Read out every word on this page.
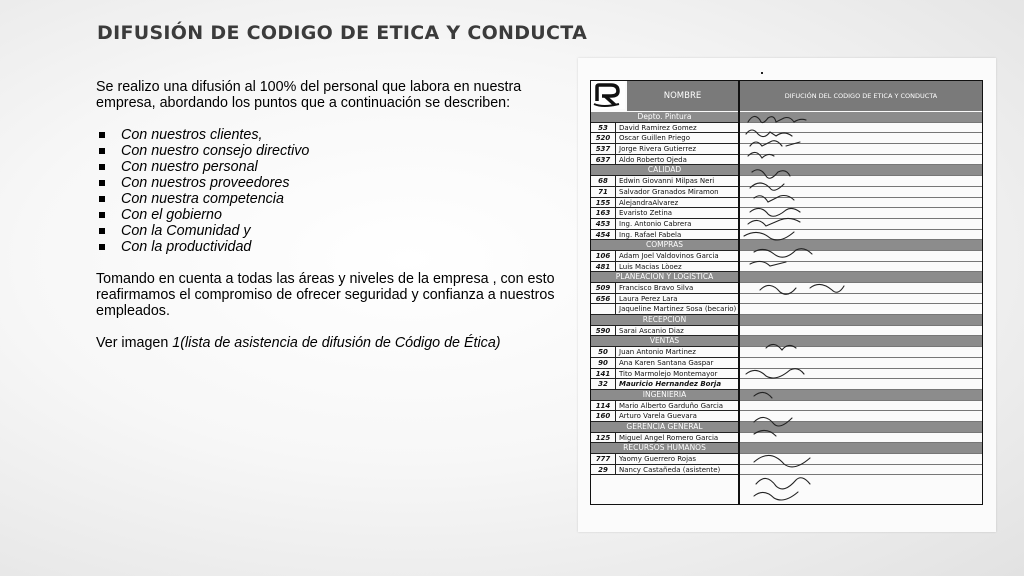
DIFUSIÓN DE CODIGO DE ETICA Y CONDUCTA

Se realizo una difusión al 100% del personal que labora en nuestra empresa, abordando los puntos que a continuación se describen:

Con nuestros clientes,
Con nuestro consejo directivo
Con nuestro personal
Con nuestros proveedores
Con nuestra competencia
Con el gobierno
Con la Comunidad y
Con la productividad

Tomando en cuenta a todas las áreas y niveles de la empresa , con esto reafirmamos el compromiso de ofrecer seguridad y confianza a nuestros empleados.

Ver imagen 1(lista de asistencia de difusión de Código de Ética)

NOMBRE	DIFUCIÓN DEL CODIGO DE ETICA Y CONDUCTA
Depto. Pintura
53	David Ramirez Gomez
520	Oscar Guillen Priego
537	Jorge Rivera Gutierrez
637	Aldo Roberto Ojeda
CALIDAD
68	Edwin Giovanni Milpas Neri
71	Salvador Granados Miramon
155	AlejandraAlvarez
163	Evaristo Zetina
453	Ing. Antonio Cabrera
454	Ing. Rafael Fabela
COMPRAS
106	Adam Joel Valdovinos Garcia
481	Luis Macias Lòoez
PLANEACION Y LOGISTICA
509	Francisco Bravo Silva
656	Laura Perez Lara
Jaqueline Martinez Sosa (becario)
RECEPCION
590	Sarai Ascanio Diaz
VENTAS
50	Juan Antonio Martinez
90	Ana Karen Santana Gaspar
141	Tito Marmolejo Montemayor
32	Mauricio Hernandez Borja
INGENIERIA
114	Mario Alberto Garduño Garcia
160	Arturo Varela Guevara
GERENCIA GENERAL
125	Miguel Angel Romero Garcia
RECURSOS HUMANOS
777	Yaomy Guerrero Rojas
29	Nancy Castañeda (asistente)
